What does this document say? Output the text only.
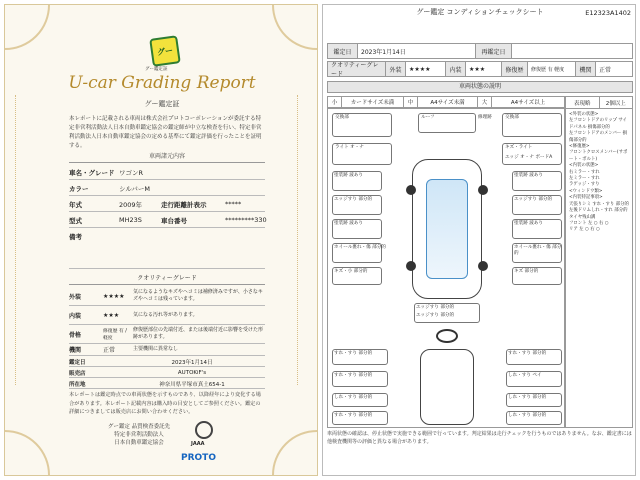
グー
グー鑑定証
U-car Grading Report
グー鑑定証
本レポートに記載される車両は株式会社プロトコーポレーションが委託する特定非営利活動法人日本自動車鑑定協会の鑑定師が中立な検査を行い、特定非営利活動法人日本自動車鑑定協会の定める基準にて鑑定評価を行ったことを証明する。
車両諸元内容
車名・グレード ワゴンR
カラー	シルバーM
年式	2009年	走行距離計表示	*****
型式	MH23S	車台番号	*********330
備考
クオリティーグレード
外装	★★★★
気になるようなキズやヘコミは補修済みですが、小さなキズやヘコミは残っています。
内装	★★★	気になる汚れ等があります。
骨格	修復歴 有 / 軽度
修復歴部位の先端付近、または後端付近に影響を受けた形跡があります。
機関	正常	主要機関に異常なし
鑑定日	2023年1月14日
販売店	AUTOKiF's
所在地	神奈川県平塚市真土654-1
本レポートは鑑定時点での車両状態を示すものであり、以降経年により変化する場合があります。本レポート記載内容は購入時の目安としてご参照ください。鑑定の詳細につきましては販売店にお問い合わせください。
グー鑑定 品質検査委託先
特定非営利活動法人
日本自動車鑑定協会	JAAA
PROTO
グー鑑定 コンディションチェックシート	E12323A1402
鑑定日	2023年1月14日	再鑑定日
クオリティーグレード
外装	★★★★	内装	★★★	修復歴	修復歴 有 軽度	機関	正常
車両状態の説明
小	カードサイズ未満	中	A4サイズ未満	大	A4サイズ以上
交換部	交換部
ルーフ	修理跡
ライト オ・ナ	キズ・ライト
エッジ オ・ナ ボードA
塗装跡 波あり	塗装跡 波あり
エッジすり 部分的	エッジすり 部分的
塗装跡 波あり	塗装跡 波あり
ホイール裏れ・傷 部分的	ホイール裏れ・傷 部分的
キズ・小 部分的	キズ 部分的
エッジすり 部分的
エッジすり 部分的
すれ・すり 部分的	すれ・すり 部分的
すれ・すり 部分的	しれ・すり ペイ
しれ・すり 部分的	しれ・すり 部分的
すれ・すり 部分的	しれ・すり 部分的
表現略	2個以上
<外装の状態>
左フロントドアのリップ サイドパネル 損傷部分的
左フロントドアのメンバー 損傷部分的
<修復歴>
フロントクロスメンバー(サポート・ボルト)
<内装の状態>
右ミラー・すれ
左ミラー・すれ
ラゲッジ・すり
<ウィンドウ類>
<内装特記事項>
天張りシミ すれ・すり 部分的
左後ドリムしれ・すれ 部分的
タイヤ残山溝
フロント 左 ○ 右 ○
リア 左 ○ 右 ○
車両状態の確認は、停止状態で実施できる範囲で行っています。判定結果は走行チェックを行うものではありません。なお、鑑定書には他検査機関等の評価と異なる場合があります。
